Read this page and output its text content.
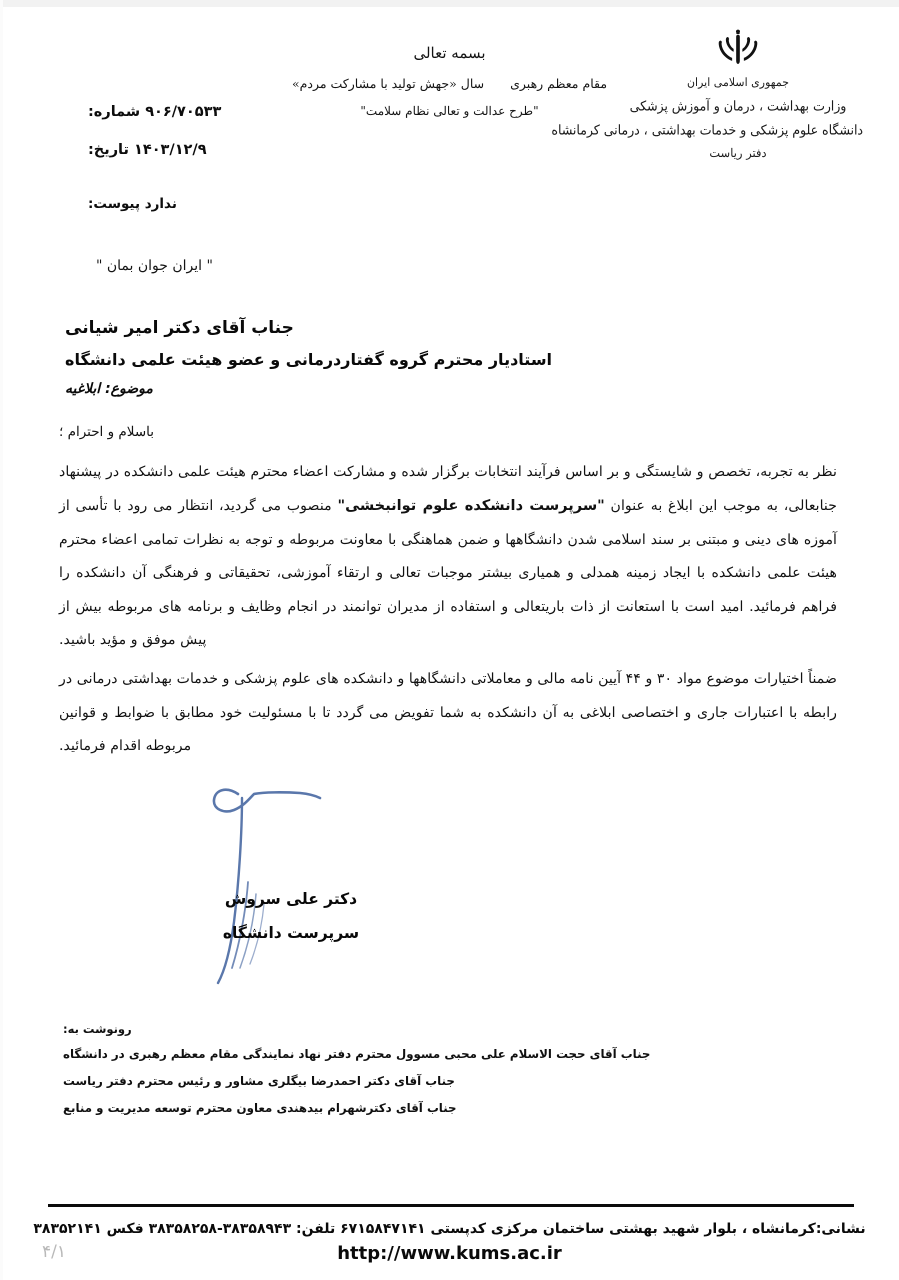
جمهوری اسلامی ایران
وزارت بهداشت ، درمان و آموزش پزشکی
دانشگاه علوم پزشکی و خدمات بهداشتی ، درمانی کرمانشاه
دفتر ریاست
بسمه تعالی
سال «جهش تولید با مشارکت مردم» مقام معظم رهبری
"طرح عدالت و تعالی نظام سلامت"
۹۰۶/۷۰۵۳۳ شماره:
۱۴۰۳/۱۲/۹ تاریخ:
ندارد پیوست:
" ایران جوان بمان "
جناب آقای دکتر امیر شیانی
استادیار محترم گروه گفتاردرمانی و عضو هیئت علمی دانشگاه
موضوع: ابلاغیه
باسلام و احترام ؛

نظر به تجربه، تخصص و شایستگی و بر اساس فرآیند انتخابات برگزار شده و مشارکت اعضاء محترم هیئت علمی دانشکده در پیشنهاد جنابعالی، به موجب این ابلاغ به عنوان "سرپرست دانشکده علوم توانبخشی" منصوب می گردید، انتظار می رود با تأسی از آموزه های دینی و مبتنی بر سند اسلامی شدن دانشگاهها و ضمن هماهنگی با معاونت مربوطه و توجه به نظرات تمامی اعضاء محترم هیئت علمی دانشکده با ایجاد زمینه همدلی و همیاری بیشتر موجبات تعالی و ارتقاء آموزشی، تحقیقاتی و فرهنگی آن دانشکده را فراهم فرمائید. امید است با استعانت از ذات باریتعالی و استفاده از مدیران توانمند در انجام وظایف و برنامه های مربوطه بیش از پیش موفق و مؤید باشید.

ضمناً اختیارات موضوع مواد ۳۰ و ۴۴ آیین نامه مالی و معاملاتی دانشگاهها و دانشکده های علوم پزشکی و خدمات بهداشتی درمانی در رابطه با اعتبارات جاری و اختصاصی ابلاغی به آن دانشکده به شما تفویض می گردد تا با مسئولیت خود مطابق با ضوابط و قوانین مربوطه اقدام فرمائید.

دکتر علی سروش
سرپرست دانشگاه
رونوشت به:
جناب آقای حجت الاسلام علی محبی مسوول محترم دفتر نهاد نمایندگی مقام معظم رهبری در دانشگاه
جناب آقای دکتر احمدرضا بیگلری مشاور و رئیس محترم دفتر ریاست
جناب آقای دکترشهرام بیدهندی معاون محترم توسعه مدیریت و منابع
نشانی:کرمانشاه ، بلوار شهید بهشتی ساختمان مرکزی کدپستی ۶۷۱۵۸۴۷۱۴۱ تلفن: ۳۸۳۵۸۹۴۳-۳۸۳۵۸۲۵۸ فکس ۳۸۳۵۲۱۴۱
http://www.kums.ac.ir
۴/۱
